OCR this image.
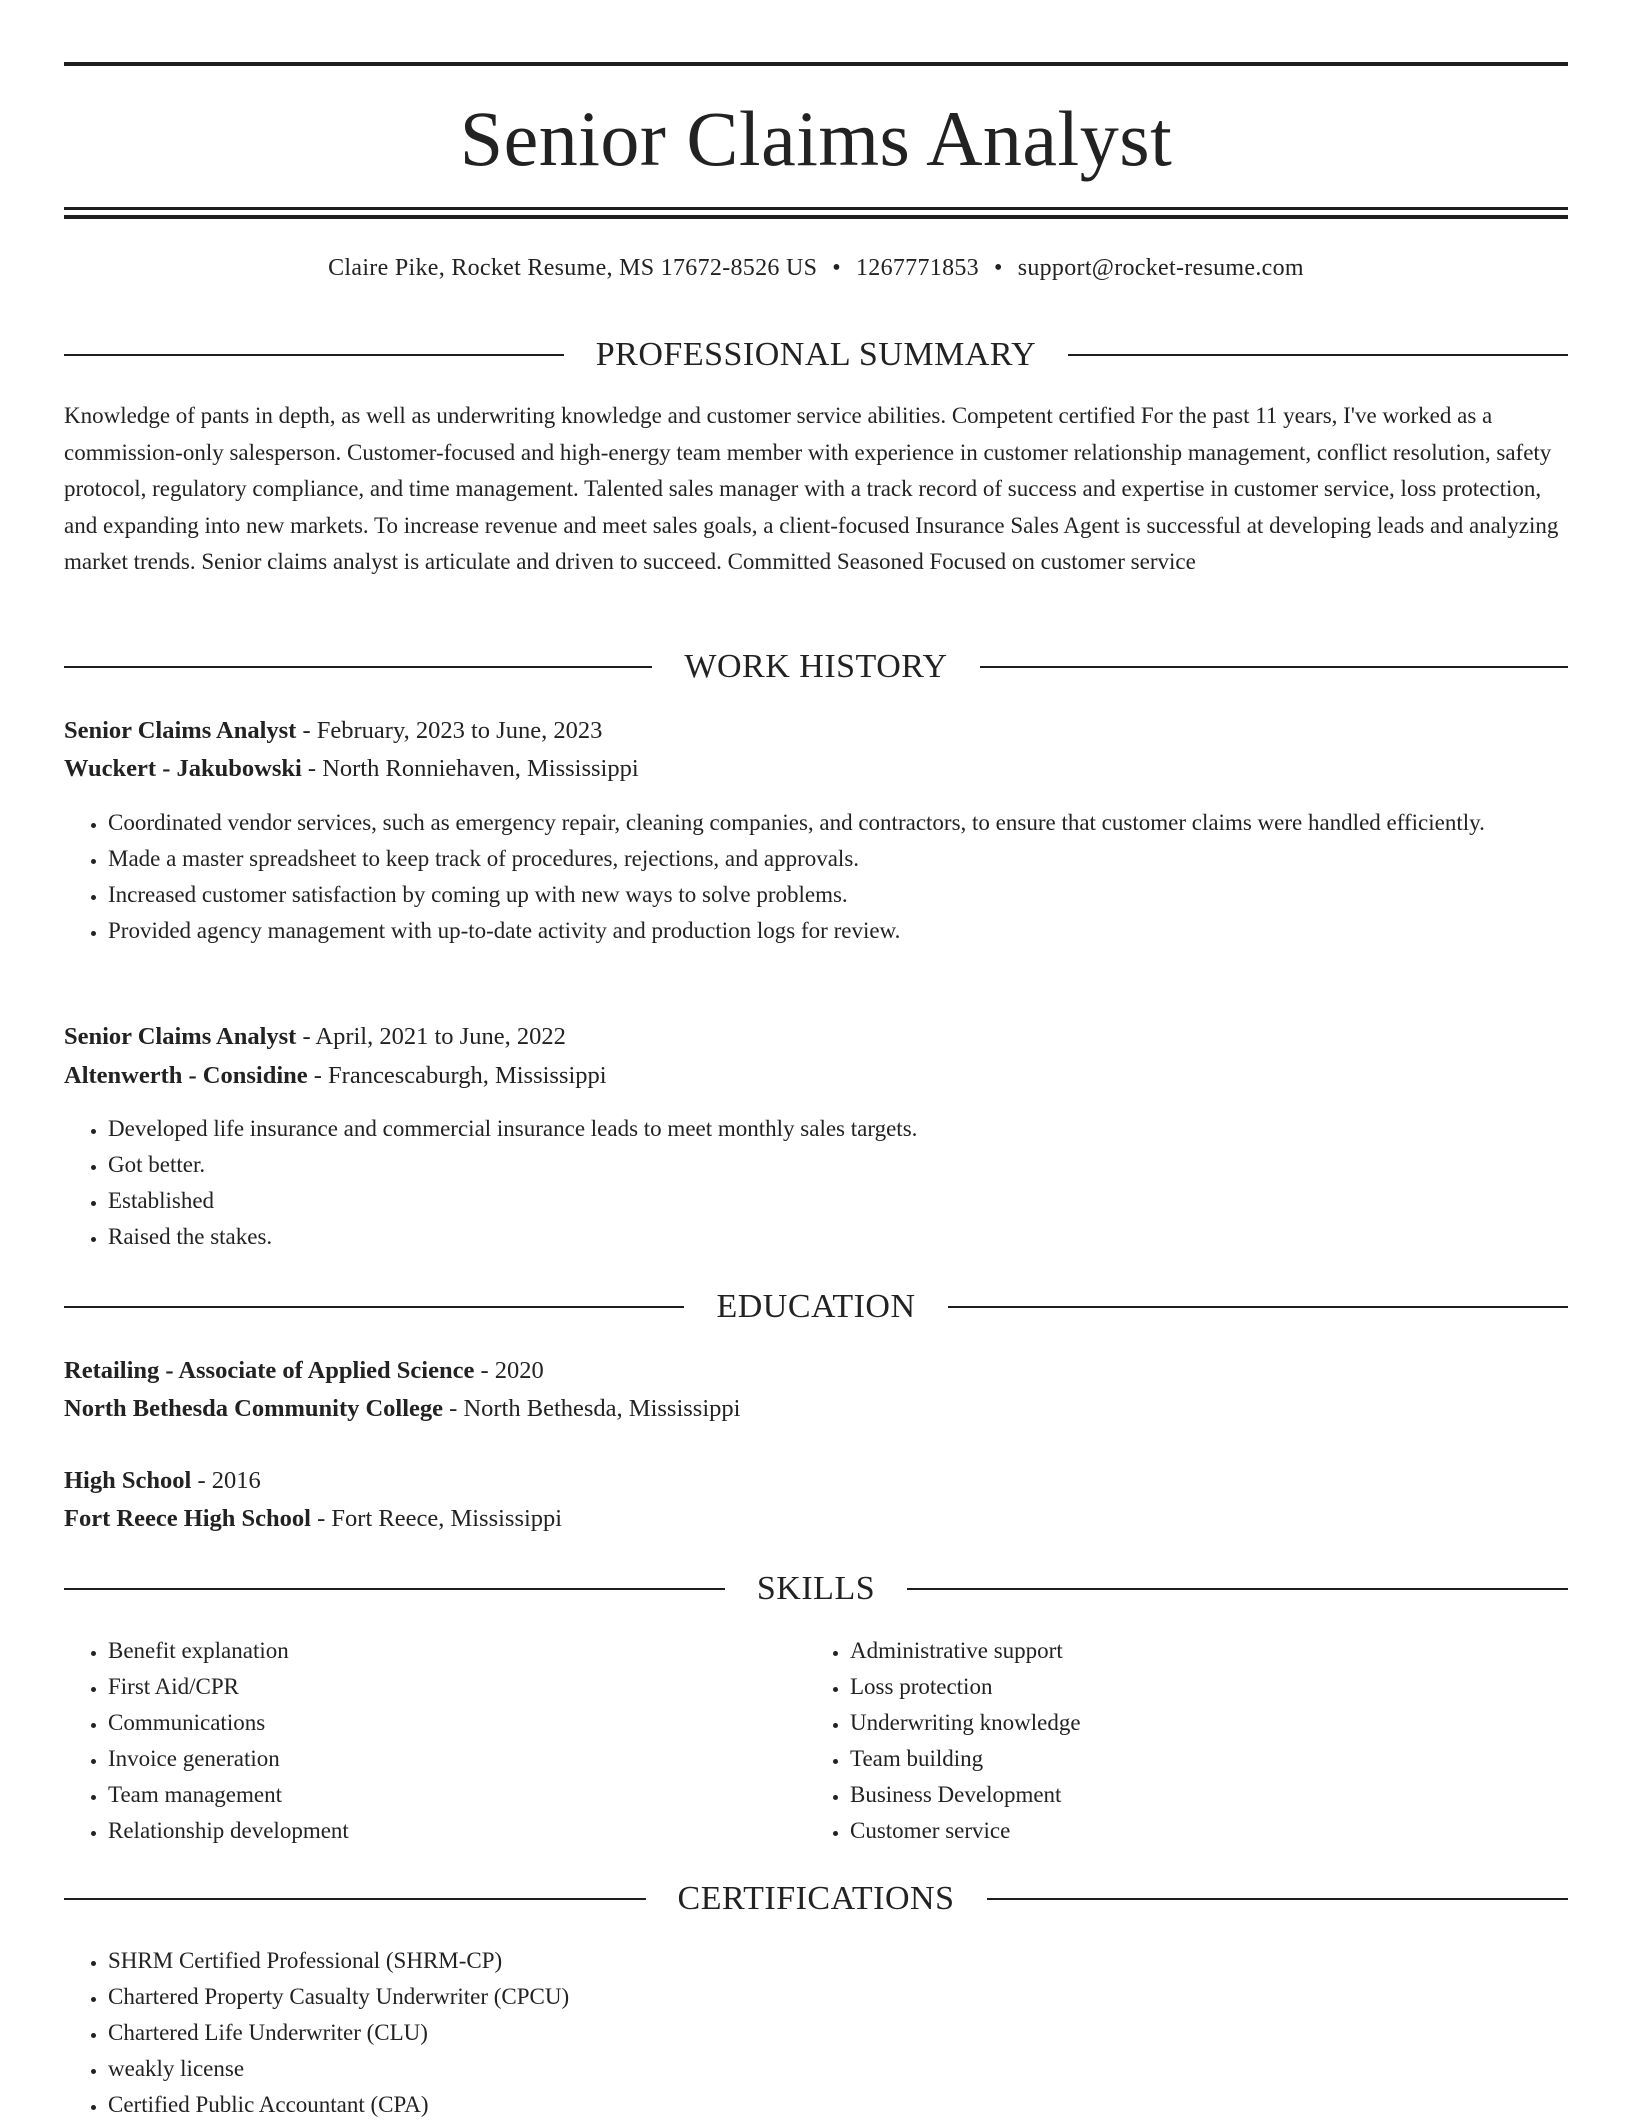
Senior Claims Analyst
Claire Pike, Rocket Resume, MS 17672-8526 US • 1267771853 • support@rocket-resume.com
PROFESSIONAL SUMMARY

Knowledge of pants in depth, as well as underwriting knowledge and customer service abilities. Competent certified For the past 11 years, I've worked as a commission-only salesperson. Customer-focused and high-energy team member with experience in customer relationship management, conflict resolution, safety protocol, regulatory compliance, and time management. Talented sales manager with a track record of success and expertise in customer service, loss protection, and expanding into new markets. To increase revenue and meet sales goals, a client-focused Insurance Sales Agent is successful at developing leads and analyzing market trends. Senior claims analyst is articulate and driven to succeed. Committed Seasoned Focused on customer service

WORK HISTORY
Senior Claims Analyst - February, 2023 to June, 2023
Wuckert - Jakubowski - North Ronniehaven, Mississippi
• Coordinated vendor services, such as emergency repair, cleaning companies, and contractors, to ensure that customer claims were handled efficiently.
• Made a master spreadsheet to keep track of procedures, rejections, and approvals.
• Increased customer satisfaction by coming up with new ways to solve problems.
• Provided agency management with up-to-date activity and production logs for review.
Senior Claims Analyst - April, 2021 to June, 2022
Altenwerth - Considine - Francescaburgh, Mississippi
• Developed life insurance and commercial insurance leads to meet monthly sales targets.
• Got better.
• Established
• Raised the stakes.
EDUCATION
Retailing - Associate of Applied Science - 2020
North Bethesda Community College - North Bethesda, Mississippi
High School - 2016
Fort Reece High School - Fort Reece, Mississippi
SKILLS
• Benefit explanation
• First Aid/CPR
• Communications
• Invoice generation
• Team management
• Relationship development
• Administrative support
• Loss protection
• Underwriting knowledge
• Team building
• Business Development
• Customer service
CERTIFICATIONS
• SHRM Certified Professional (SHRM-CP)
• Chartered Property Casualty Underwriter (CPCU)
• Chartered Life Underwriter (CLU)
• weakly license
• Certified Public Accountant (CPA)
